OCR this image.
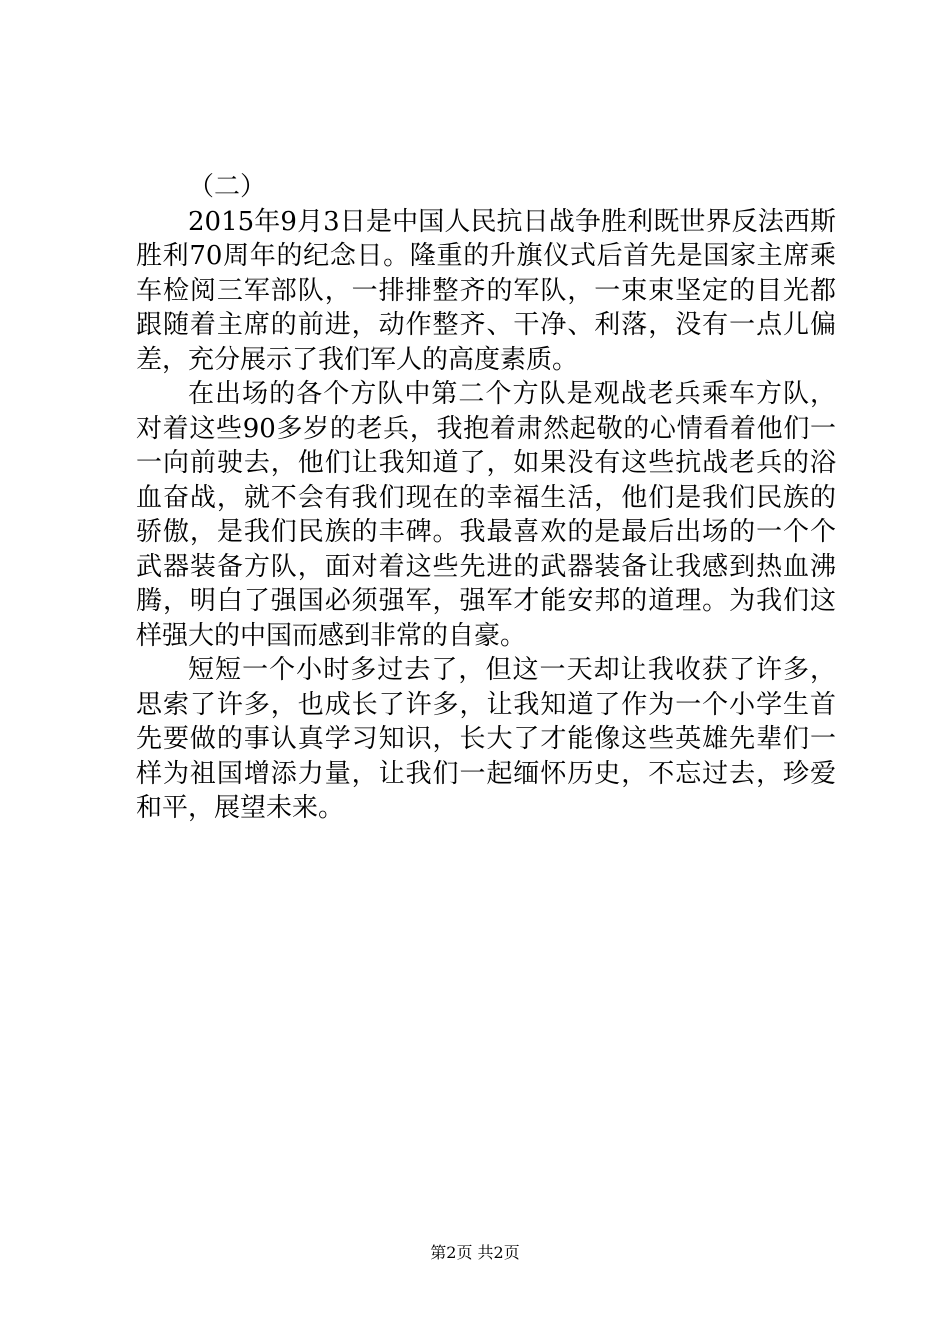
（二）

2015年9月3日是中国人民抗日战争胜利既世界反法西斯胜利70周年的纪念日。隆重的升旗仪式后首先是国家主席乘车检阅三军部队，一排排整齐的军队，一束束坚定的目光都跟随着主席的前进，动作整齐、干净、利落，没有一点儿偏差，充分展示了我们军人的高度素质。

在出场的各个方队中第二个方队是观战老兵乘车方队，对着这些90多岁的老兵，我抱着肃然起敬的心情看着他们一一向前驶去，他们让我知道了，如果没有这些抗战老兵的浴血奋战，就不会有我们现在的幸福生活，他们是我们民族的骄傲，是我们民族的丰碑。我最喜欢的是最后出场的一个个武器装备方队，面对着这些先进的武器装备让我感到热血沸腾，明白了强国必须强军，强军才能安邦的道理。为我们这样强大的中国而感到非常的自豪。

短短一个小时多过去了，但这一天却让我收获了许多，思索了许多，也成长了许多，让我知道了作为一个小学生首先要做的事认真学习知识，长大了才能像这些英雄先辈们一样为祖国增添力量，让我们一起缅怀历史，不忘过去，珍爱和平，展望未来。

第2页 共2页
